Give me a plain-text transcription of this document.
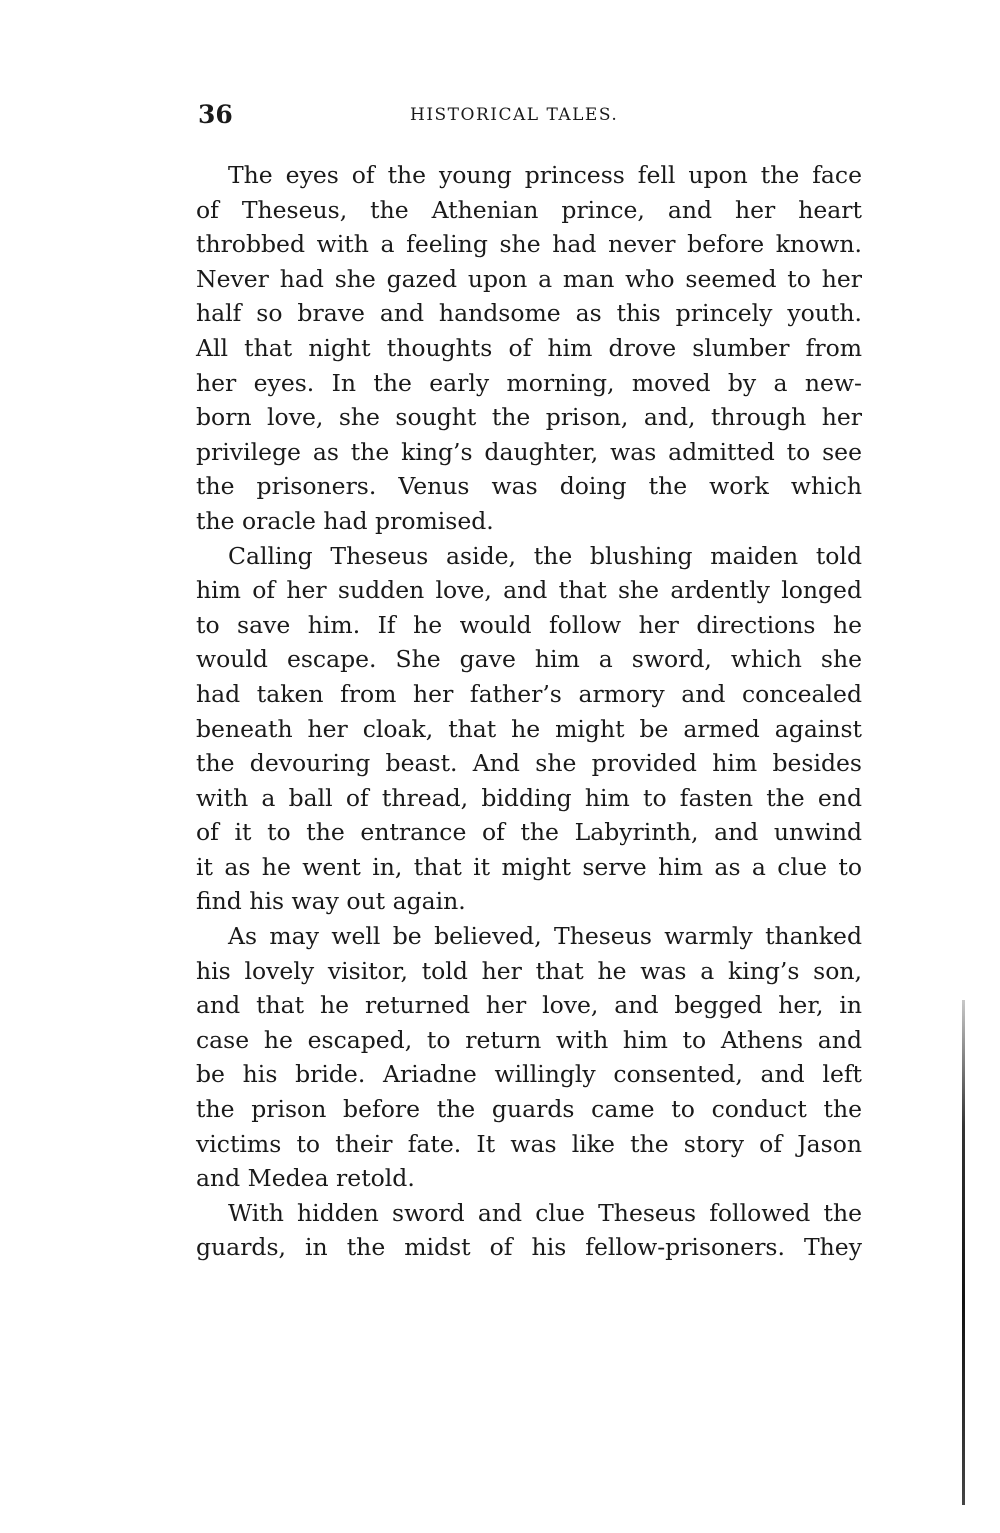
36	HISTORICAL TALES.
The eyes of the young princess fell upon the face
of Theseus, the Athenian prince, and her heart
throbbed with a feeling she had never before known.
Never had she gazed upon a man who seemed to her
half so brave and handsome as this princely youth.
All that night thoughts of him drove slumber from
her eyes. In the early morning, moved by a new-
born love, she sought the prison, and, through her
privilege as the king’s daughter, was admitted to see
the prisoners. Venus was doing the work which
the oracle had promised.
Calling Theseus aside, the blushing maiden told
him of her sudden love, and that she ardently longed
to save him. If he would follow her directions he
would escape. She gave him a sword, which she
had taken from her father’s armory and concealed
beneath her cloak, that he might be armed against
the devouring beast. And she provided him besides
with a ball of thread, bidding him to fasten the end
of it to the entrance of the Labyrinth, and unwind
it as he went in, that it might serve him as a clue to
find his way out again.
As may well be believed, Theseus warmly thanked
his lovely visitor, told her that he was a king’s son,
and that he returned her love, and begged her, in
case he escaped, to return with him to Athens and
be his bride. Ariadne willingly consented, and left
the prison before the guards came to conduct the
victims to their fate. It was like the story of Jason
and Medea retold.
With hidden sword and clue Theseus followed the
guards, in the midst of his fellow-prisoners. They
